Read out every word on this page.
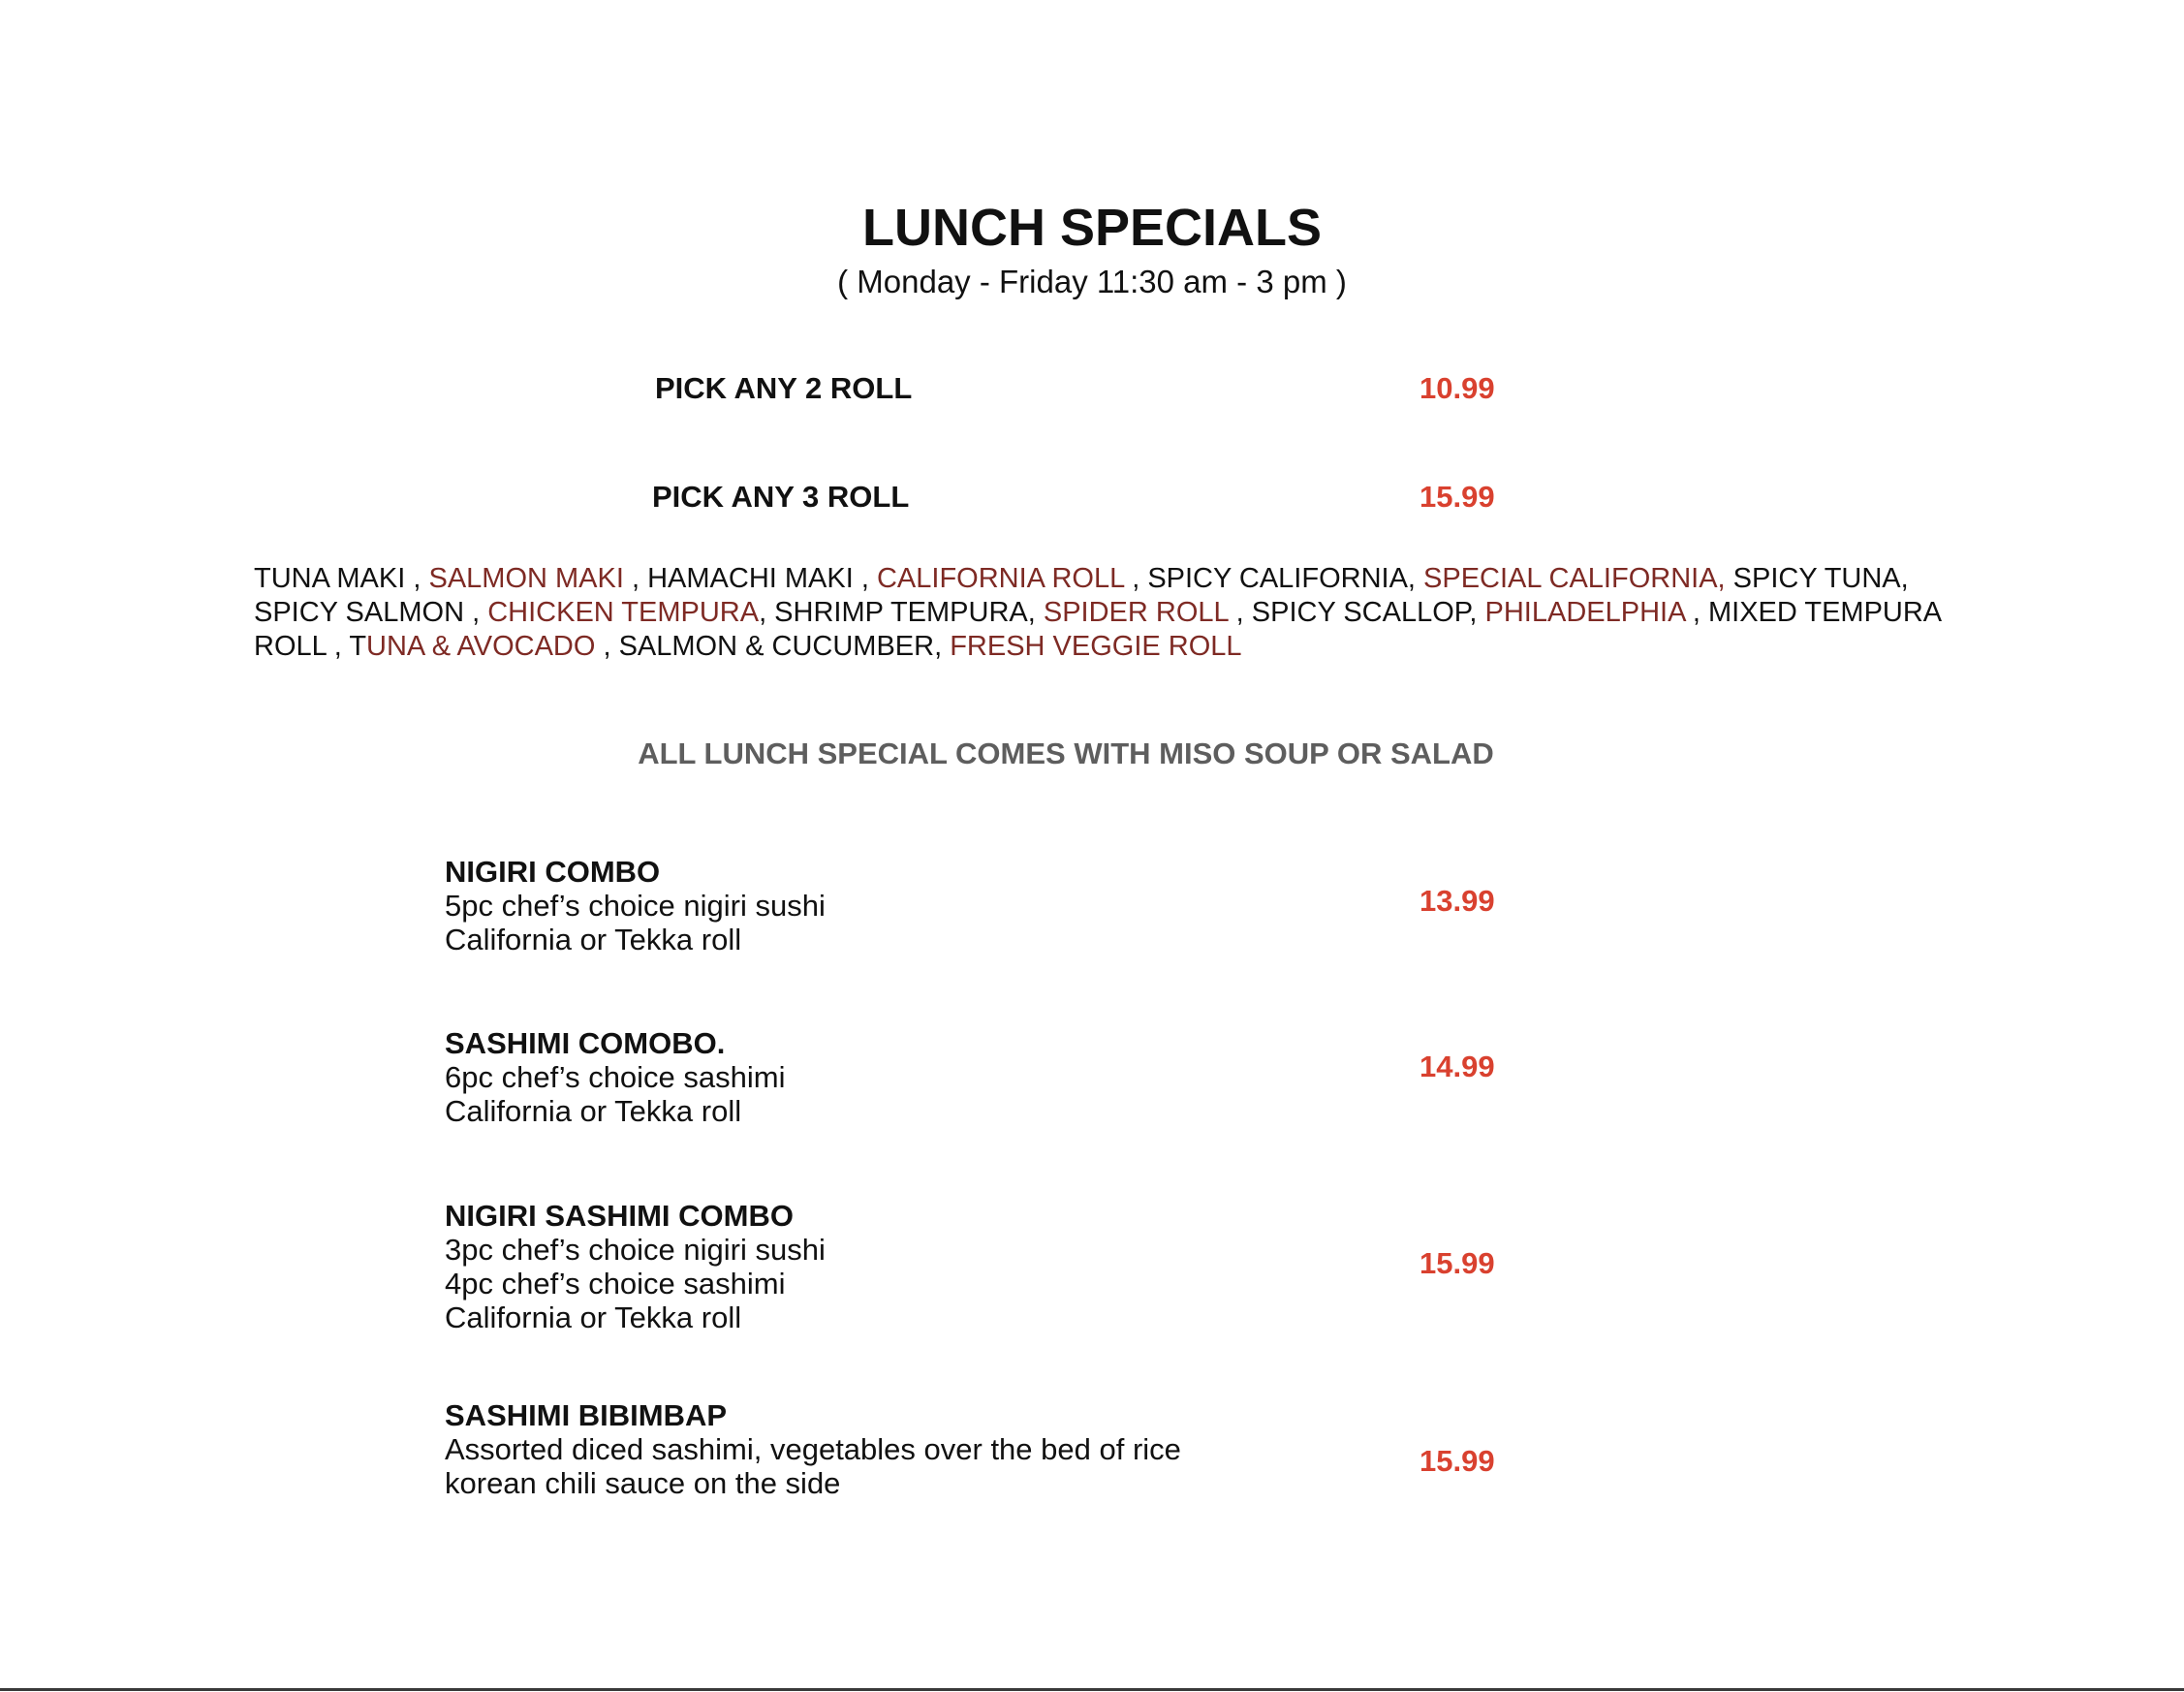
LUNCH SPECIALS
( Monday - Friday 11:30 am - 3 pm )
PICK ANY 2 ROLL	10.99
PICK ANY 3 ROLL	15.99
TUNA MAKI , SALMON MAKI , HAMACHI MAKI , CALIFORNIA ROLL , SPICY CALIFORNIA, SPECIAL CALIFORNIA, SPICY TUNA, SPICY SALMON , CHICKEN TEMPURA, SHRIMP TEMPURA, SPIDER ROLL , SPICY SCALLOP, PHILADELPHIA , MIXED TEMPURA ROLL , TUNA & AVOCADO , SALMON & CUCUMBER, FRESH VEGGIE ROLL
ALL LUNCH SPECIAL COMES WITH MISO SOUP OR SALAD
NIGIRI COMBO
5pc chef’s choice nigiri sushi
California or Tekka roll
13.99
SASHIMI COMOBO.
6pc chef’s choice sashimi
California or Tekka roll
14.99
NIGIRI SASHIMI COMBO
3pc chef’s choice nigiri sushi
4pc chef’s choice sashimi
California or Tekka roll
15.99
SASHIMI BIBIMBAP
Assorted diced sashimi, vegetables over the bed of rice
korean chili sauce on the side
15.99
